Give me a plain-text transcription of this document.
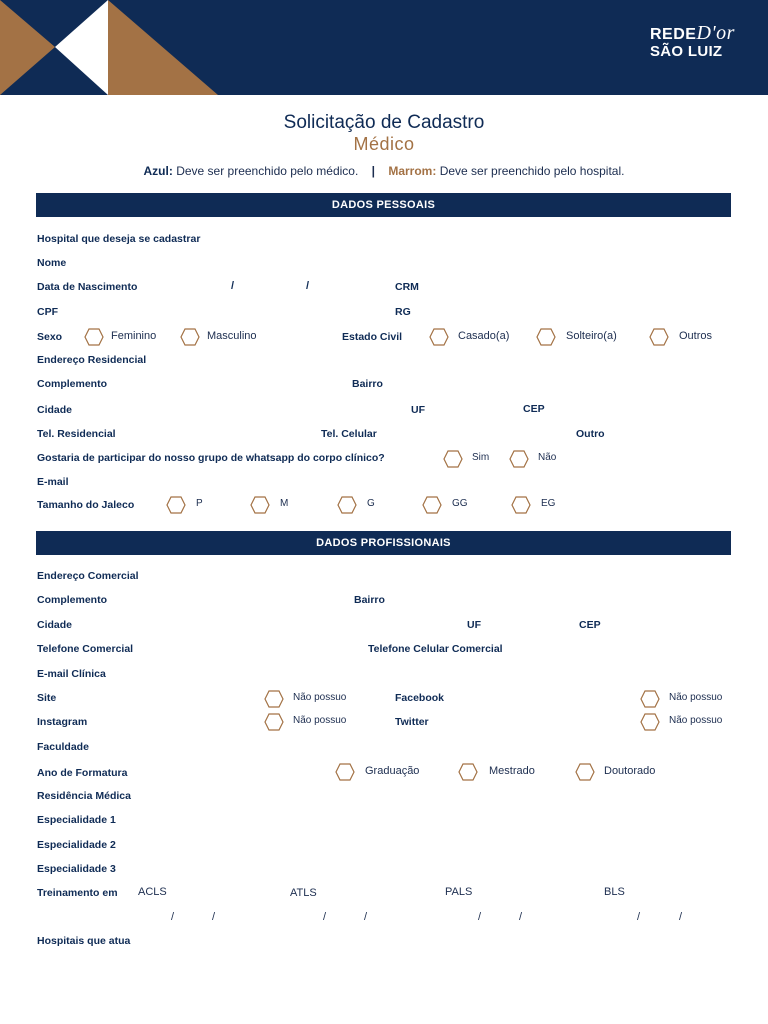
REDED'or
SÃO LUIZ
Solicitação de Cadastro
Médico
Azul: Deve ser preenchido pelo médico. | Marrom: Deve ser preenchido pelo hospital.
DADOS PESSOAIS
Hospital que deseja se cadastrar
Nome
Data de Nascimento	/	/	CRM
CPF	RG
Sexo	Feminino	Masculino	Estado Civil	Casado(a)	Solteiro(a)	Outros
Endereço Residencial
Complemento	Bairro
Cidade	UF	CEP
Tel. Residencial	Tel. Celular	Outro
Gostaria de participar do nosso grupo de whatsapp do corpo clínico?	Sim	Não
E-mail
Tamanho do Jaleco	P	M	G	GG	EG
DADOS PROFISSIONAIS
Endereço Comercial
Complemento	Bairro
Cidade	UF	CEP
Telefone Comercial	Telefone Celular Comercial
E-mail Clínica
Site	Não possuo	Facebook	Não possuo
Instagram	Não possuo	Twitter	Não possuo
Faculdade
Ano de Formatura	Graduação	Mestrado	Doutorado
Residência Médica
Especialidade 1
Especialidade 2
Especialidade 3
Treinamento em ACLS	ATLS	PALS	BLS
/	/	/	/	/	/	/	/
Hospitais que atua
